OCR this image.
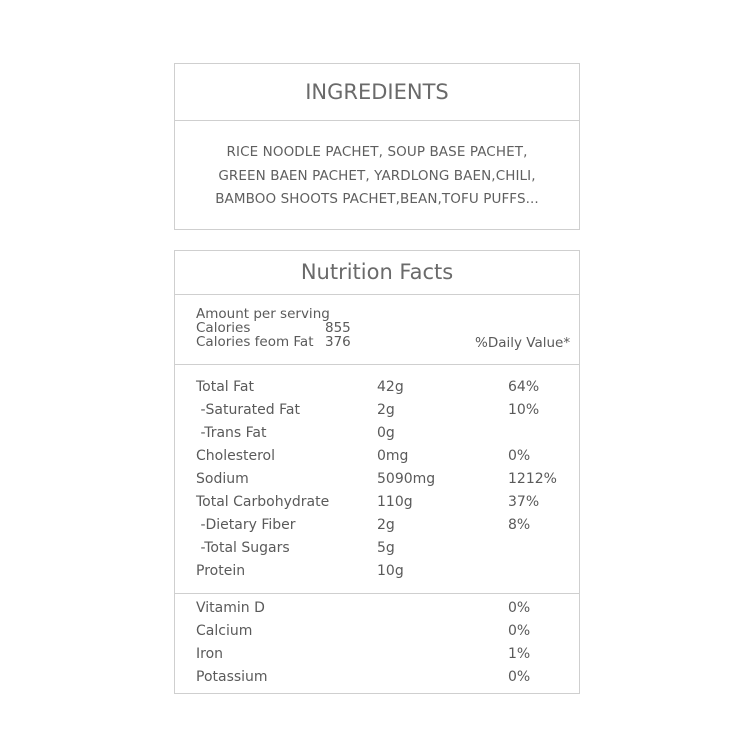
INGREDIENTS
RICE NOODLE PACHET, SOUP BASE PACHET,
GREEN BAEN PACHET, YARDLONG BAEN,CHILI,
BAMBOO SHOOTS PACHET,BEAN,TOFU PUFFS...
Nutrition Facts
Amount per serving
Calories	855
Calories feom Fat 376	%Daily Value*
Total Fat	42g	64%
-Saturated Fat	2g	10%
-Trans Fat	0g
Cholesterol	0mg	0%
Sodium	5090mg	1212%
Total Carbohydrate	110g	37%
-Dietary Fiber	2g	8%
-Total Sugars	5g
Protein	10g
Vitamin D	0%
Calcium	0%
Iron	1%
Potassium	0%
